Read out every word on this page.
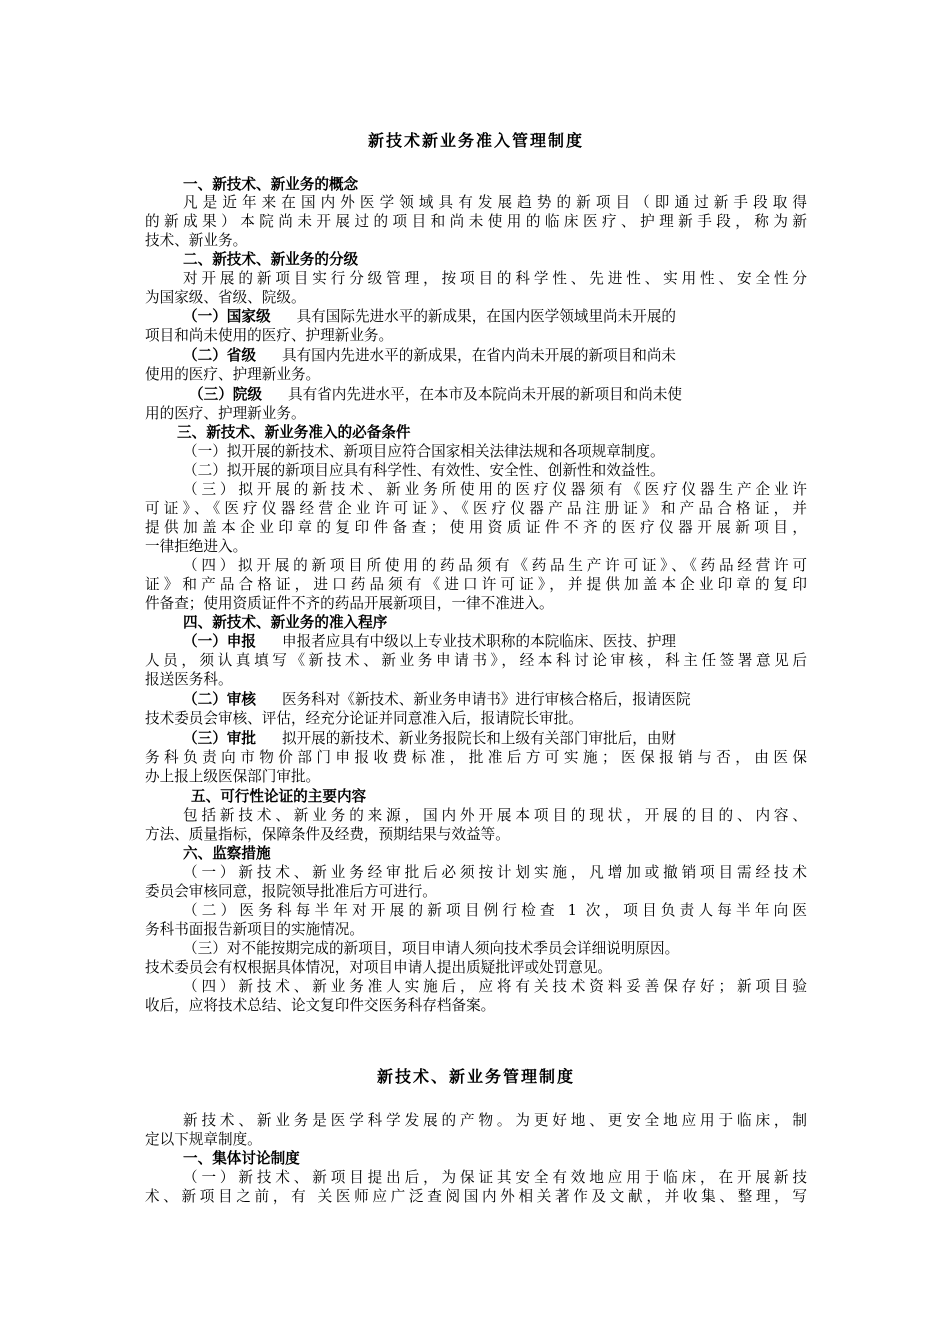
新技术新业务准入管理制度
一、新技术、新业务的概念
凡是近年来在国内外医学领域具有发展趋势的新项目（即通过新手段取得
的新成果）本院尚未开展过的项目和尚未使用的临床医疗、护理新手段，称为新
技术、新业务。
二、新技术、新业务的分级
对开展的新项目实行分级管理，按项目的科学性、先进性、实用性、安全性分
为国家级、省级、院级。
（一）国家级 具有国际先进水平的新成果，在国内医学领域里尚未开展的
项目和尚未使用的医疗、护理新业务。
（二）省级 具有国内先进水平的新成果，在省内尚未开展的新项目和尚未
使用的医疗、护理新业务。
（三）院级 具有省内先进水平，在本市及本院尚未开展的新项目和尚未使
用的医疗、护理新业务。
三、新技术、新业务准入的必备条件
（一）拟开展的新技术、新项目应符合国家相关法律法规和各项规章制度。
（二）拟开展的新项目应具有科学性、有效性、安全性、创新性和效益性。
（三）拟开展的新技术、新业务所使用的医疗仪器须有《医疗仪器生产企业许
可证》、《医疗仪器经营企业许可证》、《医疗仪器产品注册证》和产品合格证，并
提供加盖本企业印章的复印件备查；使用资质证件不齐的医疗仪器开展新项目，
一律拒绝进入。
（四）拟开展的新项目所使用的药品须有《药品生产许可证》、《药品经营许可
证》和产品合格证，进口药品须有《进口许可证》，并提供加盖本企业印章的复印
件备查；使用资质证件不齐的药品开展新项目，一律不准进入。
四、新技术、新业务的准入程序
（一）申报 申报者应具有中级以上专业技术职称的本院临床、医技、护理
人员，须认真填写《新技术、新业务申请书》，经本科讨论审核，科主任签署意见后
报送医务科。
（二）审核 医务科对《新技术、新业务申请书》进行审核合格后，报请医院
技术委员会审核、评估，经充分论证并同意准入后，报请院长审批。
（三）审批 拟开展的新技术、新业务报院长和上级有关部门审批后，由财
务科负责向市物价部门申报收费标准，批准后方可实施；医保报销与否，由医保
办上报上级医保部门审批。
五、可行性论证的主要内容
包括新技术、新业务的来源，国内外开展本项目的现状，开展的目的、内容、
方法、质量指标，保障条件及经费，预期结果与效益等。
六、监察措施
（一）新技术、新业务经审批后必须按计划实施，凡增加或撤销项目需经技术
委员会审核同意，报院领导批准后方可进行。
（二）医务科每半年对开展的新项目例行检查 1 次，项目负责人每半年向医
务科书面报告新项目的实施情况。
（三）对不能按期完成的新项目，项目申请人须向技术季员会详细说明原因。
技术委员会有权根据具体情况，对项目申请人提出质疑批评或处罚意见。
（四）新技术、新业务准人实施后，应将有关技术资料妥善保存好；新项目验
收后，应将技术总结、论文复印件交医务科存档备案。
新技术、新业务管理制度
新技术、新业务是医学科学发展的产物。为更好地、更安全地应用于临床，制
定以下规章制度。
一、集体讨论制度
（一）新技术、新项目提出后，为保证其安全有效地应用于临床，在开展新技
术、新项目之前，有 关医师应广泛查阅国内外相关著作及文献，并收集、整理，写
